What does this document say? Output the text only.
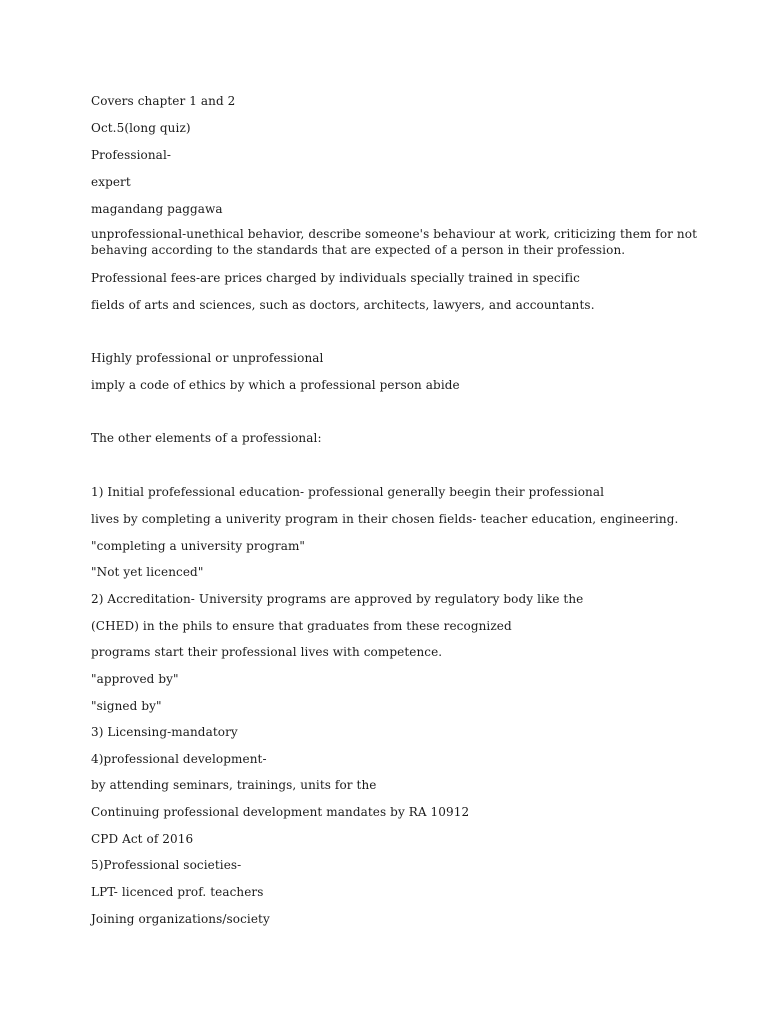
Covers chapter 1 and 2
Oct.5(long quiz)
Professional-
expert
magandang paggawa
unprofessional-unethical behavior, describe someone's behaviour at work, criticizing them for not behaving according to the standards that are expected of a person in their profession.
Professional fees-are prices charged by individuals specially trained in specific
fields of arts and sciences, such as doctors, architects, lawyers, and accountants.
Highly professional or unprofessional
imply a code of ethics by which a professional person abide
The other elements of a professional:
1) Initial profefessional education- professional generally beegin their professional
lives by completing a univerity program in their chosen fields- teacher education, engineering.
"completing a university program"
"Not yet licenced"
2) Accreditation- University programs are approved by regulatory body like the
(CHED) in the phils to ensure that graduates from these recognized
programs start their professional lives with competence.
"approved by"
"signed by"
3) Licensing-mandatory
4)professional development-
by attending seminars, trainings, units for the
Continuing professional development mandates by RA 10912
CPD Act of 2016
5)Professional societies-
LPT- licenced prof. teachers
Joining organizations/society
